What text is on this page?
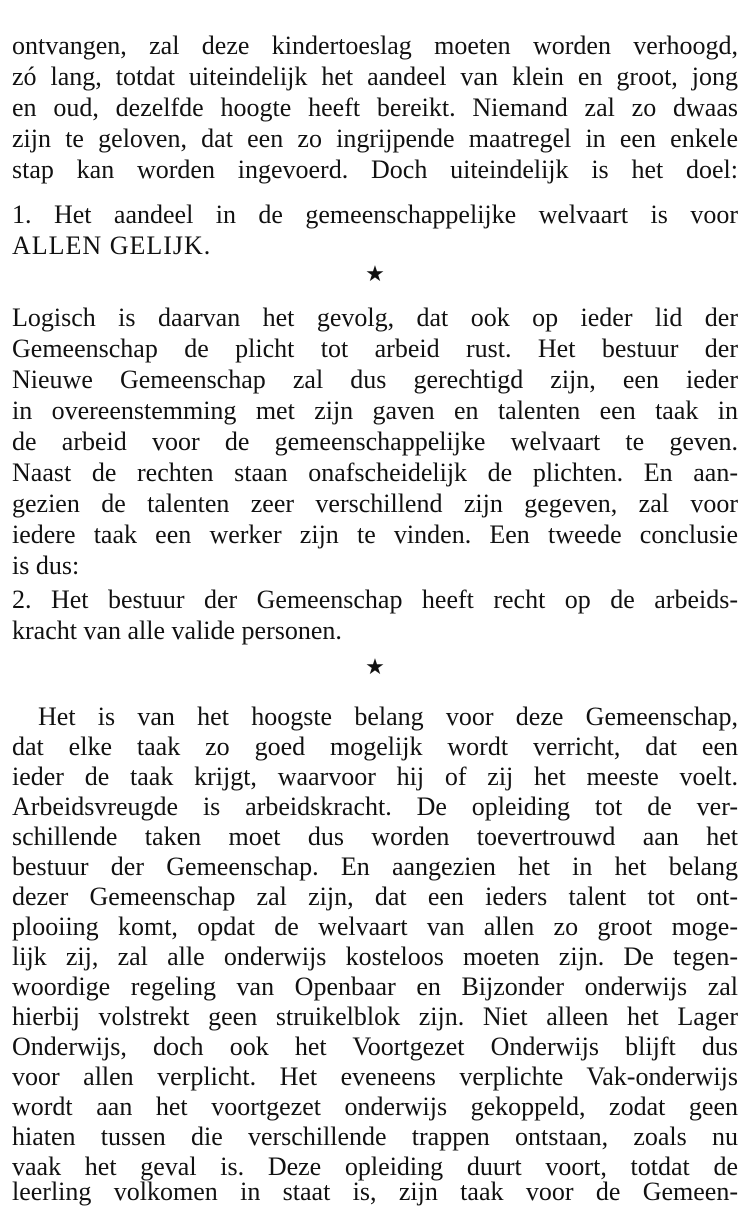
ontvangen, zal deze kindertoeslag moeten worden verhoogd,
zó lang, totdat uiteindelijk het aandeel van klein en groot, jong
en oud, dezelfde hoogte heeft bereikt. Niemand zal zo dwaas
zijn te geloven, dat een zo ingrijpende maatregel in een enkele
stap kan worden ingevoerd. Doch uiteindelijk is het doel:
1. Het aandeel in de gemeenschappelijke welvaart is voor
ALLEN GELIJK.
★
Logisch is daarvan het gevolg, dat ook op ieder lid der
Gemeenschap de plicht tot arbeid rust. Het bestuur der
Nieuwe Gemeenschap zal dus gerechtigd zijn, een ieder
in overeenstemming met zijn gaven en talenten een taak in
de arbeid voor de gemeenschappelijke welvaart te geven.
Naast de rechten staan onafscheidelijk de plichten. En aan-
gezien de talenten zeer verschillend zijn gegeven, zal voor
iedere taak een werker zijn te vinden. Een tweede conclusie
is dus:
2. Het bestuur der Gemeenschap heeft recht op de arbeids-
kracht van alle valide personen.
★
Het is van het hoogste belang voor deze Gemeenschap,
dat elke taak zo goed mogelijk wordt verricht, dat een
ieder de taak krijgt, waarvoor hij of zij het meeste voelt.
Arbeidsvreugde is arbeidskracht. De opleiding tot de ver-
schillende taken moet dus worden toevertrouwd aan het
bestuur der Gemeenschap. En aangezien het in het belang
dezer Gemeenschap zal zijn, dat een ieders talent tot ont-
plooiing komt, opdat de welvaart van allen zo groot moge-
lijk zij, zal alle onderwijs kosteloos moeten zijn. De tegen-
woordige regeling van Openbaar en Bijzonder onderwijs zal
hierbij volstrekt geen struikelblok zijn. Niet alleen het Lager
Onderwijs, doch ook het Voortgezet Onderwijs blijft dus
voor allen verplicht. Het eveneens verplichte Vak-onderwijs
wordt aan het voortgezet onderwijs gekoppeld, zodat geen
hiaten tussen die verschillende trappen ontstaan, zoals nu
vaak het geval is. Deze opleiding duurt voort, totdat de
leerling volkomen in staat is, zijn taak voor de Gemeen-
